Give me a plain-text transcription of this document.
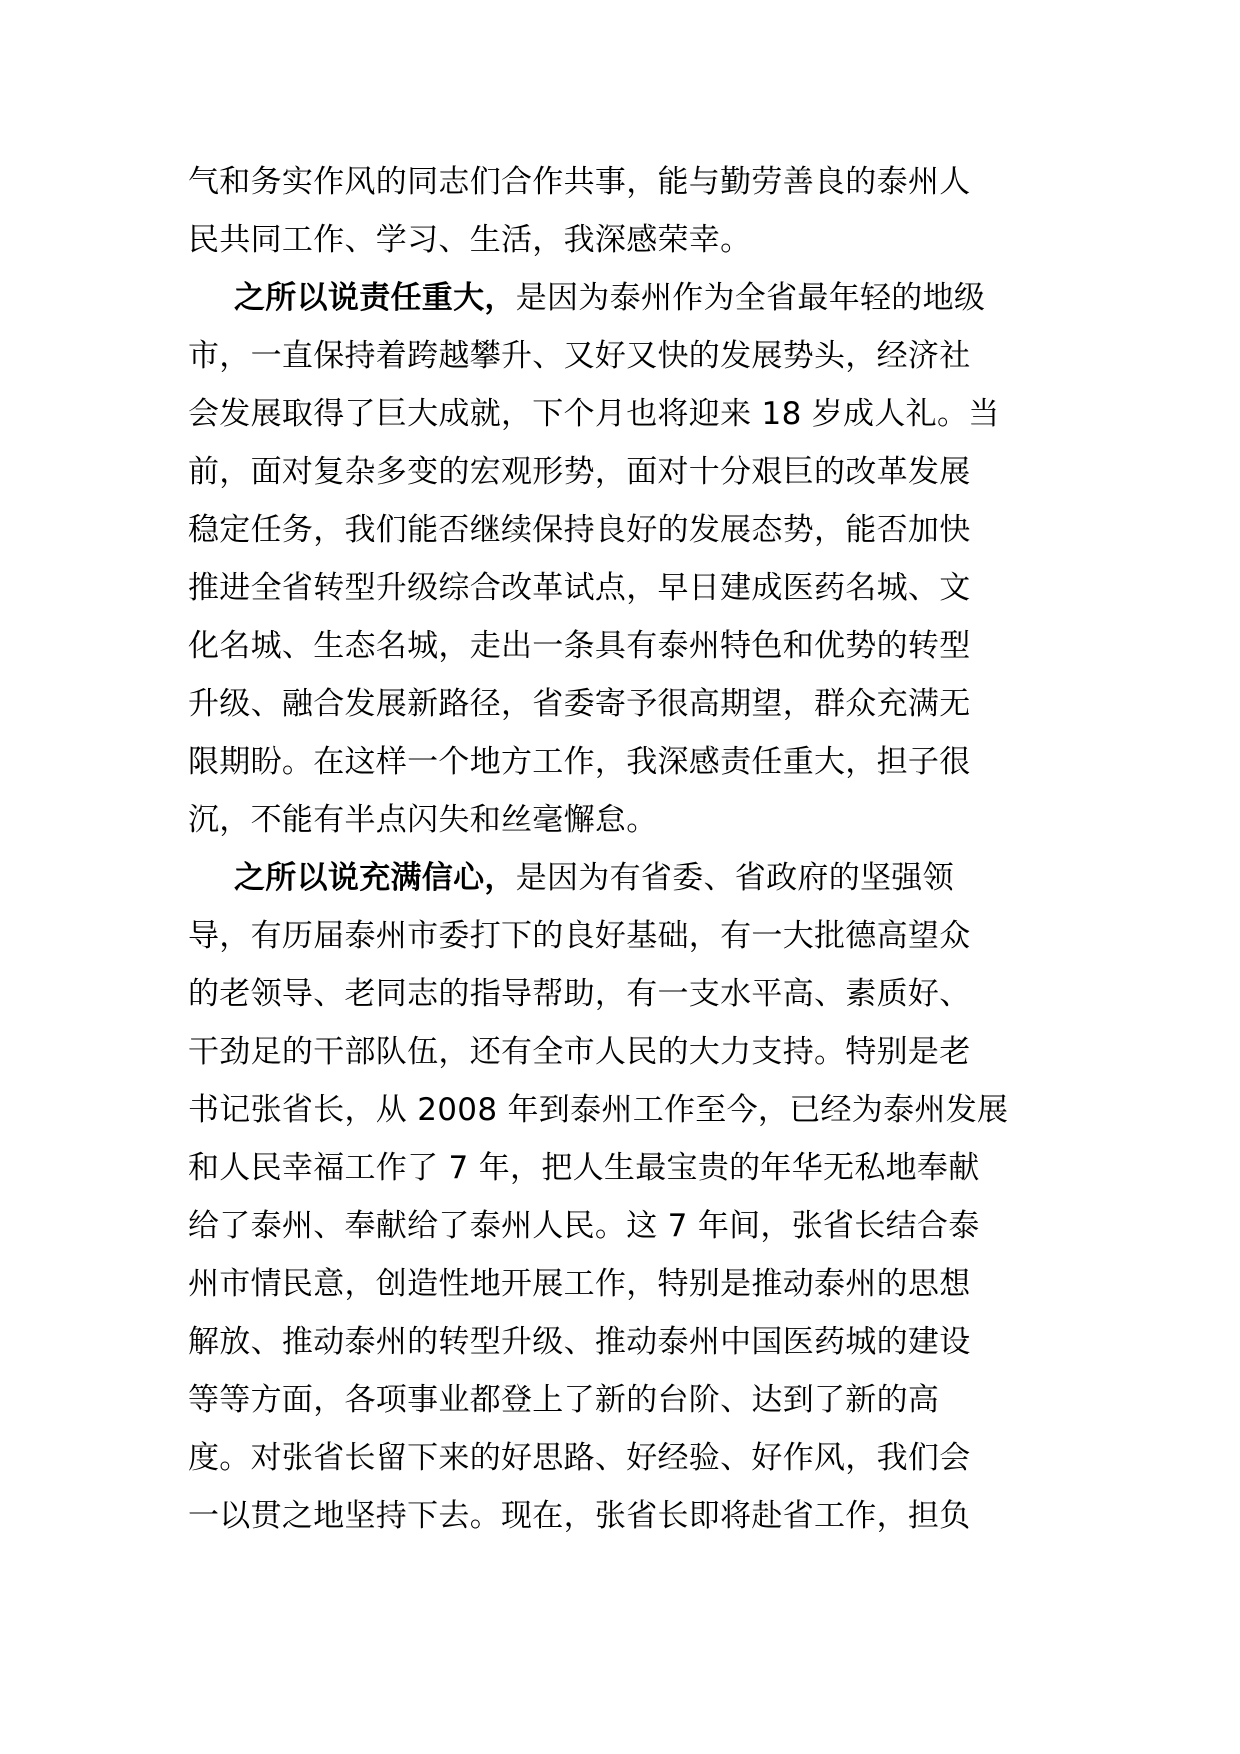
气和务实作风的同志们合作共事，能与勤劳善良的泰州人
民共同工作、学习、生活，我深感荣幸。
之所以说责任重大，是因为泰州作为全省最年轻的地级
市，一直保持着跨越攀升、又好又快的发展势头，经济社
会发展取得了巨大成就，下个月也将迎来 18 岁成人礼。当
前，面对复杂多变的宏观形势，面对十分艰巨的改革发展
稳定任务，我们能否继续保持良好的发展态势，能否加快
推进全省转型升级综合改革试点，早日建成医药名城、文
化名城、生态名城，走出一条具有泰州特色和优势的转型
升级、融合发展新路径，省委寄予很高期望，群众充满无
限期盼。在这样一个地方工作，我深感责任重大，担子很
沉，不能有半点闪失和丝毫懈怠。
之所以说充满信心，是因为有省委、省政府的坚强领
导，有历届泰州市委打下的良好基础，有一大批德高望众
的老领导、老同志的指导帮助，有一支水平高、素质好、
干劲足的干部队伍，还有全市人民的大力支持。特别是老
书记张省长，从 2008 年到泰州工作至今，已经为泰州发展
和人民幸福工作了 7 年，把人生最宝贵的年华无私地奉献
给了泰州、奉献给了泰州人民。这 7 年间，张省长结合泰
州市情民意，创造性地开展工作，特别是推动泰州的思想
解放、推动泰州的转型升级、推动泰州中国医药城的建设
等等方面，各项事业都登上了新的台阶、达到了新的高
度。对张省长留下来的好思路、好经验、好作风，我们会
一以贯之地坚持下去。现在，张省长即将赴省工作，担负
